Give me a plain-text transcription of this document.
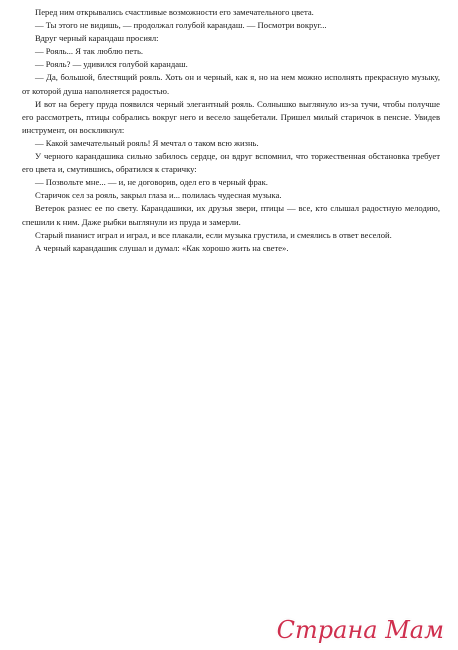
Перед ним открывались счастливые возможности его замечательного цвета.

— Ты этого не видишь, — продолжал голубой карандаш. — Посмотри вокруг...

Вдруг черный карандаш просиял:

— Рояль... Я так люблю петь.

— Рояль? — удивился голубой карандаш.

— Да, большой, блестящий рояль. Хоть он и черный, как я, но на нем можно исполнять прекрасную музыку, от которой душа наполняется радостью.

И вот на берегу пруда появился черный элегантный рояль. Солнышко выглянуло из-за тучи, чтобы получше его рассмотреть, птицы собрались вокруг него и весело защебетали. Пришел милый старичок в пенсне. Увидев инструмент, он воскликнул:

— Какой замечательный рояль! Я мечтал о таком всю жизнь.

У черного карандашика сильно забилось сердце, он вдруг вспомнил, что торжественная обстановка требует его цвета и, смутившись, обратился к старичку:

— Позвольте мне... — и, не договорив, одел его в черный фрак.

Старичок сел за рояль, закрыл глаза и... полилась чудесная музыка.

Ветерок разнес ее по свету. Карандашики, их друзья звери, птицы — все, кто слышал радостную мелодию, спешили к ним. Даже рыбки выглянули из пруда и замерли.

Старый пианист играл и играл, и все плакали, если музыка грустила, и смеялись в ответ веселой.

А черный карандашик слушал и думал: «Как хорошо жить на свете».

Страна Мам
